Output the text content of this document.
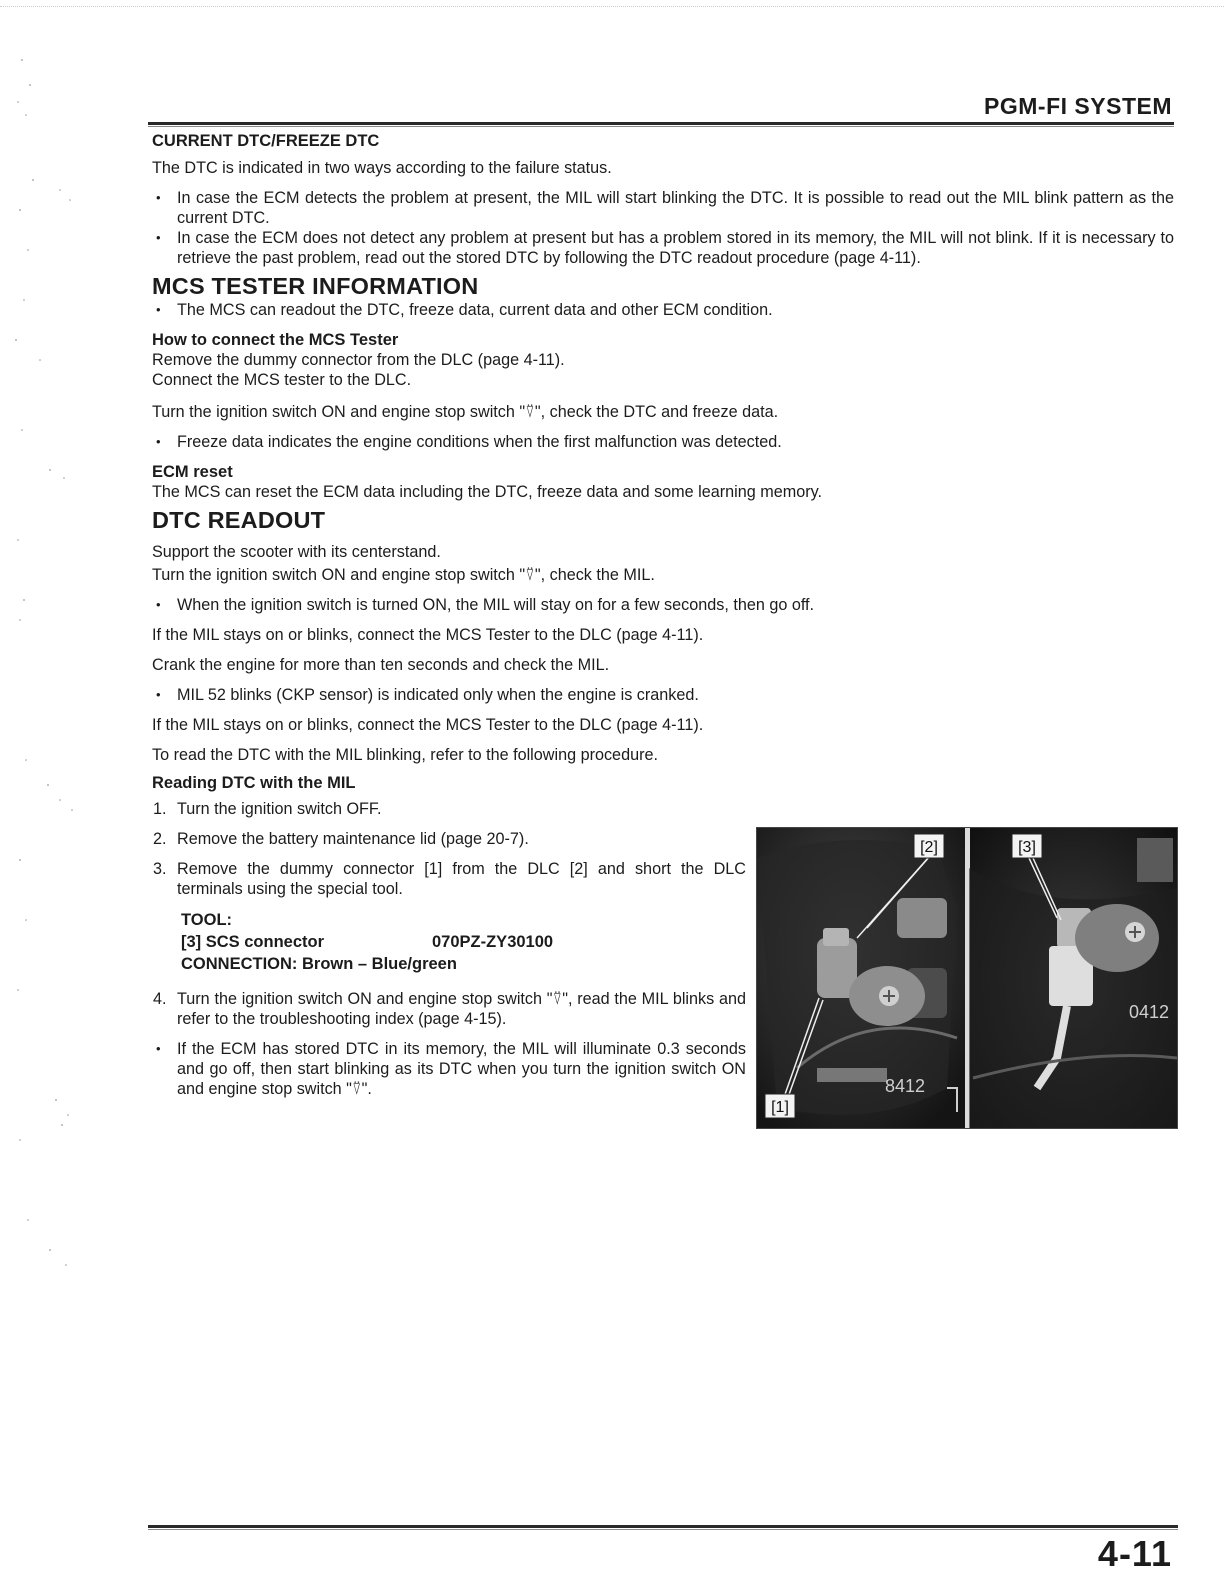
PGM-FI SYSTEM

CURRENT DTC/FREEZE DTC

The DTC is indicated in two ways according to the failure status.

• In case the ECM detects the problem at present, the MIL will start blinking the DTC. It is possible to read out the MIL blink pattern as the current DTC.
• In case the ECM does not detect any problem at present but has a problem stored in its memory, the MIL will not blink. If it is necessary to retrieve the past problem, read out the stored DTC by following the DTC readout procedure (page 4-11).

MCS TESTER INFORMATION

• The MCS can readout the DTC, freeze data, current data and other ECM condition.

How to connect the MCS Tester

Remove the dummy connector from the DLC (page 4-11).

Connect the MCS tester to the DLC.

Turn the ignition switch ON and engine stop switch "⍢", check the DTC and freeze data.

• Freeze data indicates the engine conditions when the first malfunction was detected.

ECM reset

The MCS can reset the ECM data including the DTC, freeze data and some learning memory.

DTC READOUT

Support the scooter with its centerstand.

Turn the ignition switch ON and engine stop switch "⍢", check the MIL.

• When the ignition switch is turned ON, the MIL will stay on for a few seconds, then go off.

If the MIL stays on or blinks, connect the MCS Tester to the DLC (page 4-11).

Crank the engine for more than ten seconds and check the MIL.

• MIL 52 blinks (CKP sensor) is indicated only when the engine is cranked.

If the MIL stays on or blinks, connect the MCS Tester to the DLC (page 4-11).

To read the DTC with the MIL blinking, refer to the following procedure.

Reading DTC with the MIL

1. Turn the ignition switch OFF.
2. Remove the battery maintenance lid (page 20-7).
3. Remove the dummy connector [1] from the DLC [2] and short the DLC terminals using the special tool.
TOOL:
[3] SCS connector	070PZ-ZY30100
CONNECTION: Brown – Blue/green
4. Turn the ignition switch ON and engine stop switch "⍢", read the MIL blinks and refer to the troubleshooting index (page 4-15).
• If the ECM has stored DTC in its memory, the MIL will illuminate 0.3 seconds and go off, then start blinking as its DTC when you turn the ignition switch ON and engine stop switch "⍢".	8412
0412
[2]	[3]
[1]
4-11
